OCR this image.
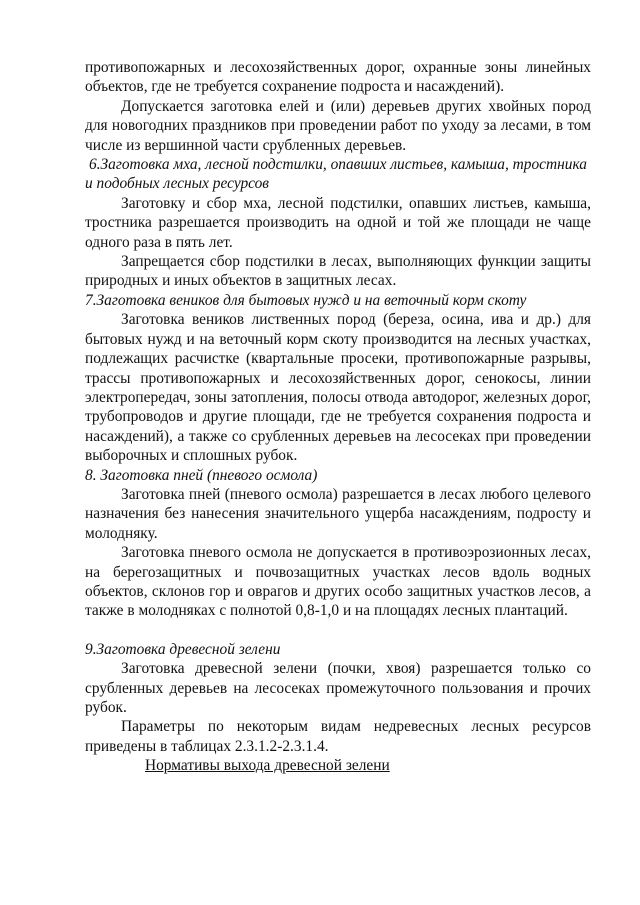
противопожарных и лесохозяйственных дорог, охранные зоны линейных объектов, где не требуется сохранение подроста и насаждений).

Допускается заготовка елей и (или) деревьев других хвойных пород для новогодних праздников при проведении работ по уходу за лесами, в том числе из вершинной части срубленных деревьев.

6.Заготовка мха, лесной подстилки, опавших листьев, камыша, тростника и подобных лесных ресурсов

Заготовку и сбор мха, лесной подстилки, опавших листьев, камыша, тростника разрешается производить на одной и той же площади не чаще одного раза в пять лет.

Запрещается сбор подстилки в лесах, выполняющих функции защиты природных и иных объектов в защитных лесах.

7.Заготовка веников для бытовых нужд и на веточный корм скоту

Заготовка веников лиственных пород (береза, осина, ива и др.) для бытовых нужд и на веточный корм скоту производится на лесных участках, подлежащих расчистке (квартальные просеки, противопожарные разрывы, трассы противопожарных и лесохозяйственных дорог, сенокосы, линии электропередач, зоны затопления, полосы отвода автодорог, железных дорог, трубопроводов и другие площади, где не требуется сохранения подроста и насаждений), а также со срубленных деревьев на лесосеках при проведении выборочных и сплошных рубок.

8. Заготовка пней (пневого осмола)

Заготовка пней (пневого осмола) разрешается в лесах любого целевого назначения без нанесения значительного ущерба насаждениям, подросту и молодняку.

Заготовка пневого осмола не допускается в противоэрозионных лесах, на берегозащитных и почвозащитных участках лесов вдоль водных объектов, склонов гор и оврагов и других особо защитных участков лесов, а также в молодняках с полнотой 0,8-1,0 и на площадях лесных плантаций.

9.Заготовка древесной зелени

Заготовка древесной зелени (почки, хвоя) разрешается только со срубленных деревьев на лесосеках промежуточного пользования и прочих рубок.

Параметры по некоторым видам недревесных лесных ресурсов приведены в таблицах 2.3.1.2-2.3.1.4.

Нормативы выхода древесной зелени
